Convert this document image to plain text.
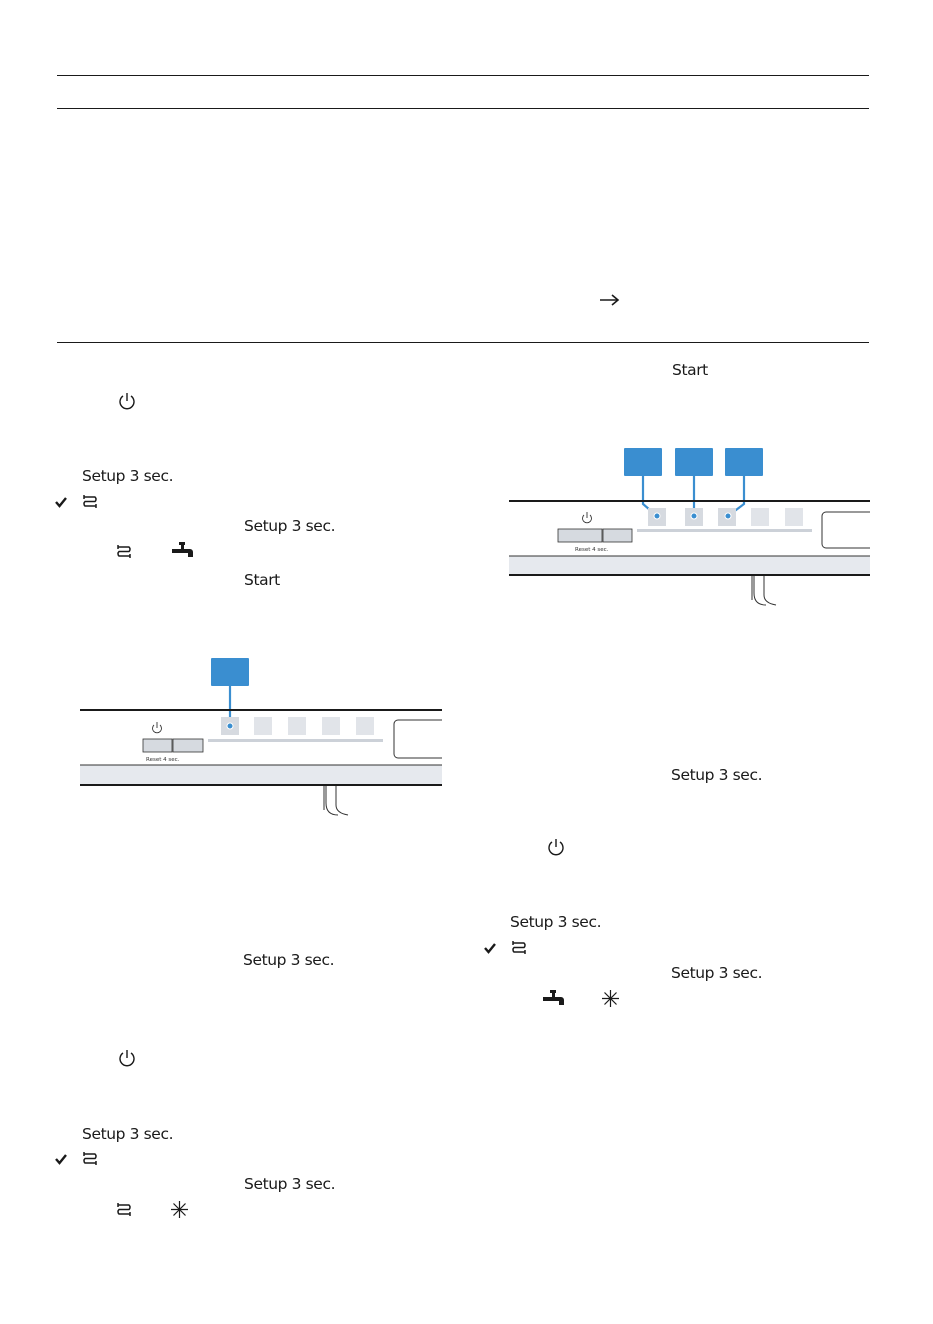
Setup 3 sec.
Setup 3 sec.
Start
Reset 4 sec.
Setup 3 sec.
Setup 3 sec.
Setup 3 sec.
Start
Reset 4 sec.
Setup 3 sec.
Setup 3 sec.
Setup 3 sec.
